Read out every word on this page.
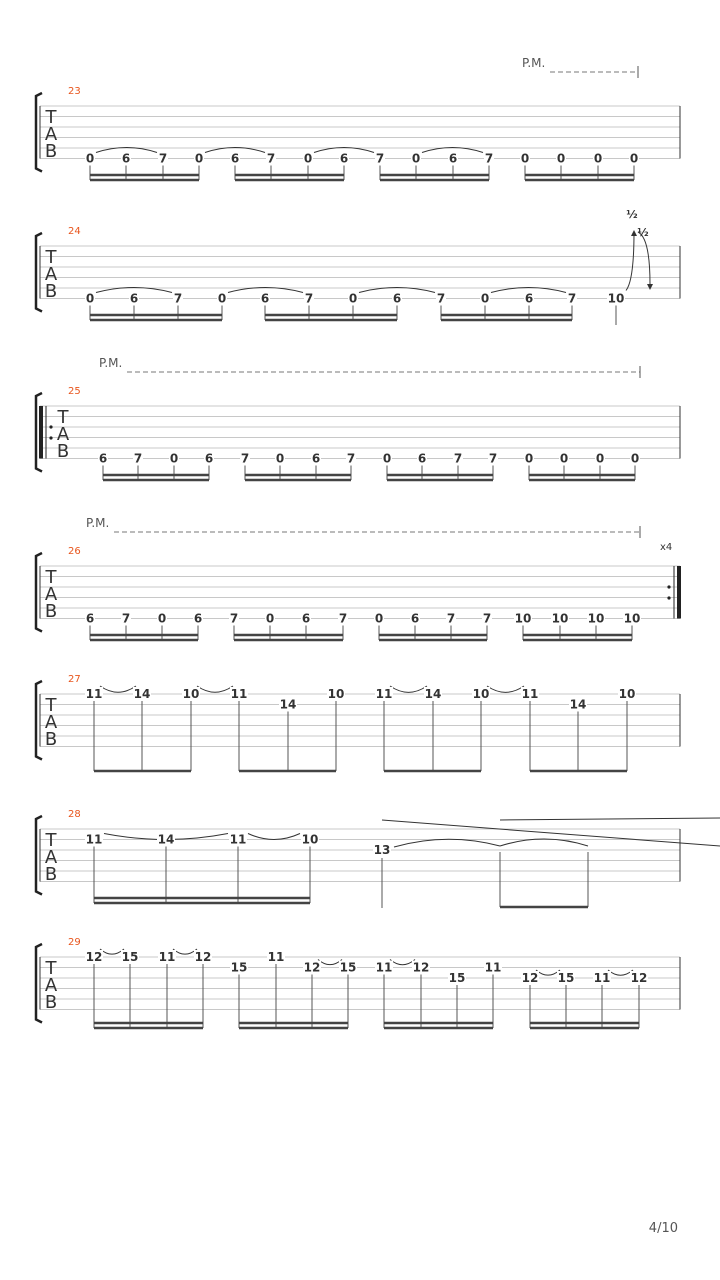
T
A
B
23
P.M.
0 6 7 0 6 7 0 6 7 0 6 7 0 0 0 0
T
A
B
24
0	6	7	0	6	7	0	6	7	0	6	7	10
½
½
T
A
B
25
P.M.
6 7 0 6 7 0 6 7 0 6 7 7 0 0 0 0
T
A
B
26	x4
P.M.
6 7 0 6 7 0 6 7 0 6 7 7 10 10 10 10
T
A
B
27
11	14	10	11
14
10	11	14	10	11
14
10
T
A
B
28
11	14	11	10
13
T
A
B
29
12 15 11 12
15
11
12 15 11 12
15
11
12 15 11 12
4/10
